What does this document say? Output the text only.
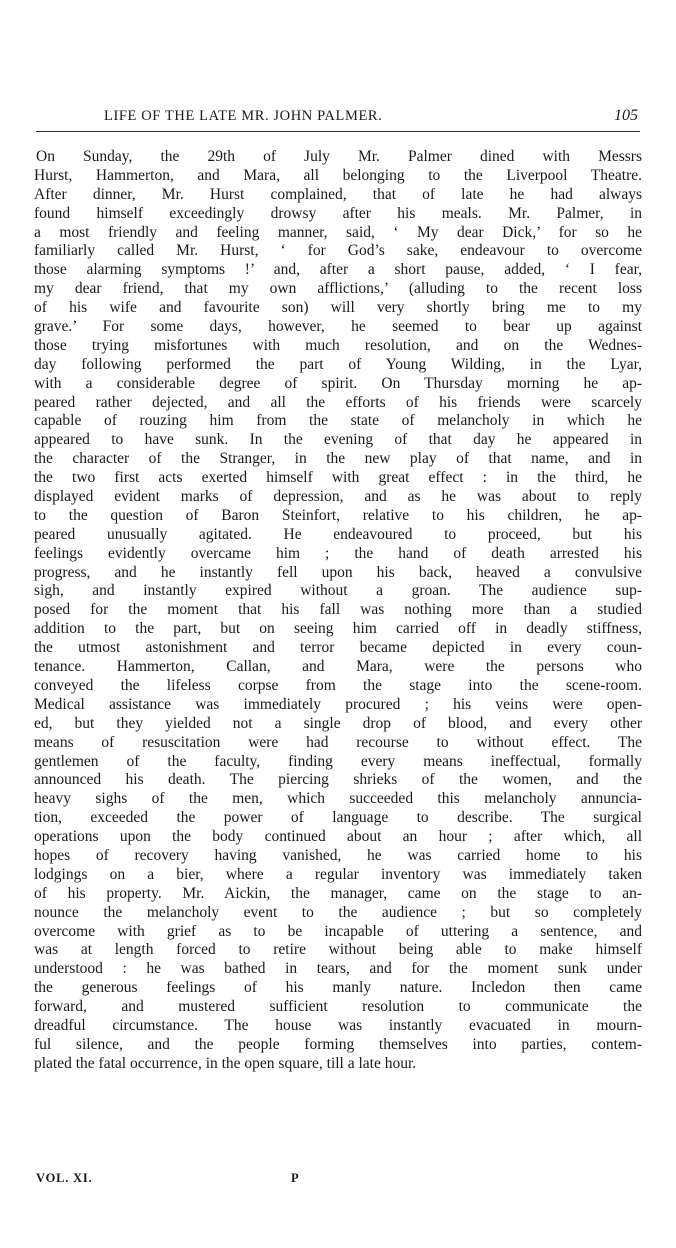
LIFE OF THE LATE MR. JOHN PALMER.	105
On Sunday, the 29th of July Mr. Palmer dined with Messrs
Hurst, Hammerton, and Mara, all belonging to the Liverpool Theatre.
After dinner, Mr. Hurst complained, that of late he had always
found himself exceedingly drowsy after his meals. Mr. Palmer, in
a most friendly and feeling manner, said, ‘ My dear Dick,’ for so he
familiarly called Mr. Hurst, ‘ for God’s sake, endeavour to overcome
those alarming symptoms !’ and, after a short pause, added, ‘ I fear,
my dear friend, that my own afflictions,’ (alluding to the recent loss
of his wife and favourite son) will very shortly bring me to my
grave.’ For some days, however, he seemed to bear up against
those trying misfortunes with much resolution, and on the Wednes-
day following performed the part of Young Wilding, in the Lyar,
with a considerable degree of spirit. On Thursday morning he ap-
peared rather dejected, and all the efforts of his friends were scarcely
capable of rouzing him from the state of melancholy in which he
appeared to have sunk. In the evening of that day he appeared in
the character of the Stranger, in the new play of that name, and in
the two first acts exerted himself with great effect : in the third, he
displayed evident marks of depression, and as he was about to reply
to the question of Baron Steinfort, relative to his children, he ap-
peared unusually agitated. He endeavoured to proceed, but his
feelings evidently overcame him ; the hand of death arrested his
progress, and he instantly fell upon his back, heaved a convulsive
sigh, and instantly expired without a groan. The audience sup-
posed for the moment that his fall was nothing more than a studied
addition to the part, but on seeing him carried off in deadly stiffness,
the utmost astonishment and terror became depicted in every coun-
tenance. Hammerton, Callan, and Mara, were the persons who
conveyed the lifeless corpse from the stage into the scene-room.
Medical assistance was immediately procured ; his veins were open-
ed, but they yielded not a single drop of blood, and every other
means of resuscitation were had recourse to without effect. The
gentlemen of the faculty, finding every means ineffectual, formally
announced his death. The piercing shrieks of the women, and the
heavy sighs of the men, which succeeded this melancholy annuncia-
tion, exceeded the power of language to describe. The surgical
operations upon the body continued about an hour ; after which, all
hopes of recovery having vanished, he was carried home to his
lodgings on a bier, where a regular inventory was immediately taken
of his property. Mr. Aickin, the manager, came on the stage to an-
nounce the melancholy event to the audience ; but so completely
overcome with grief as to be incapable of uttering a sentence, and
was at length forced to retire without being able to make himself
understood : he was bathed in tears, and for the moment sunk under
the generous feelings of his manly nature. Incledon then came
forward, and mustered sufficient resolution to communicate the
dreadful circumstance. The house was instantly evacuated in mourn-
ful silence, and the people forming themselves into parties, contem-
plated the fatal occurrence, in the open square, till a late hour.
VOL. XI.	P
